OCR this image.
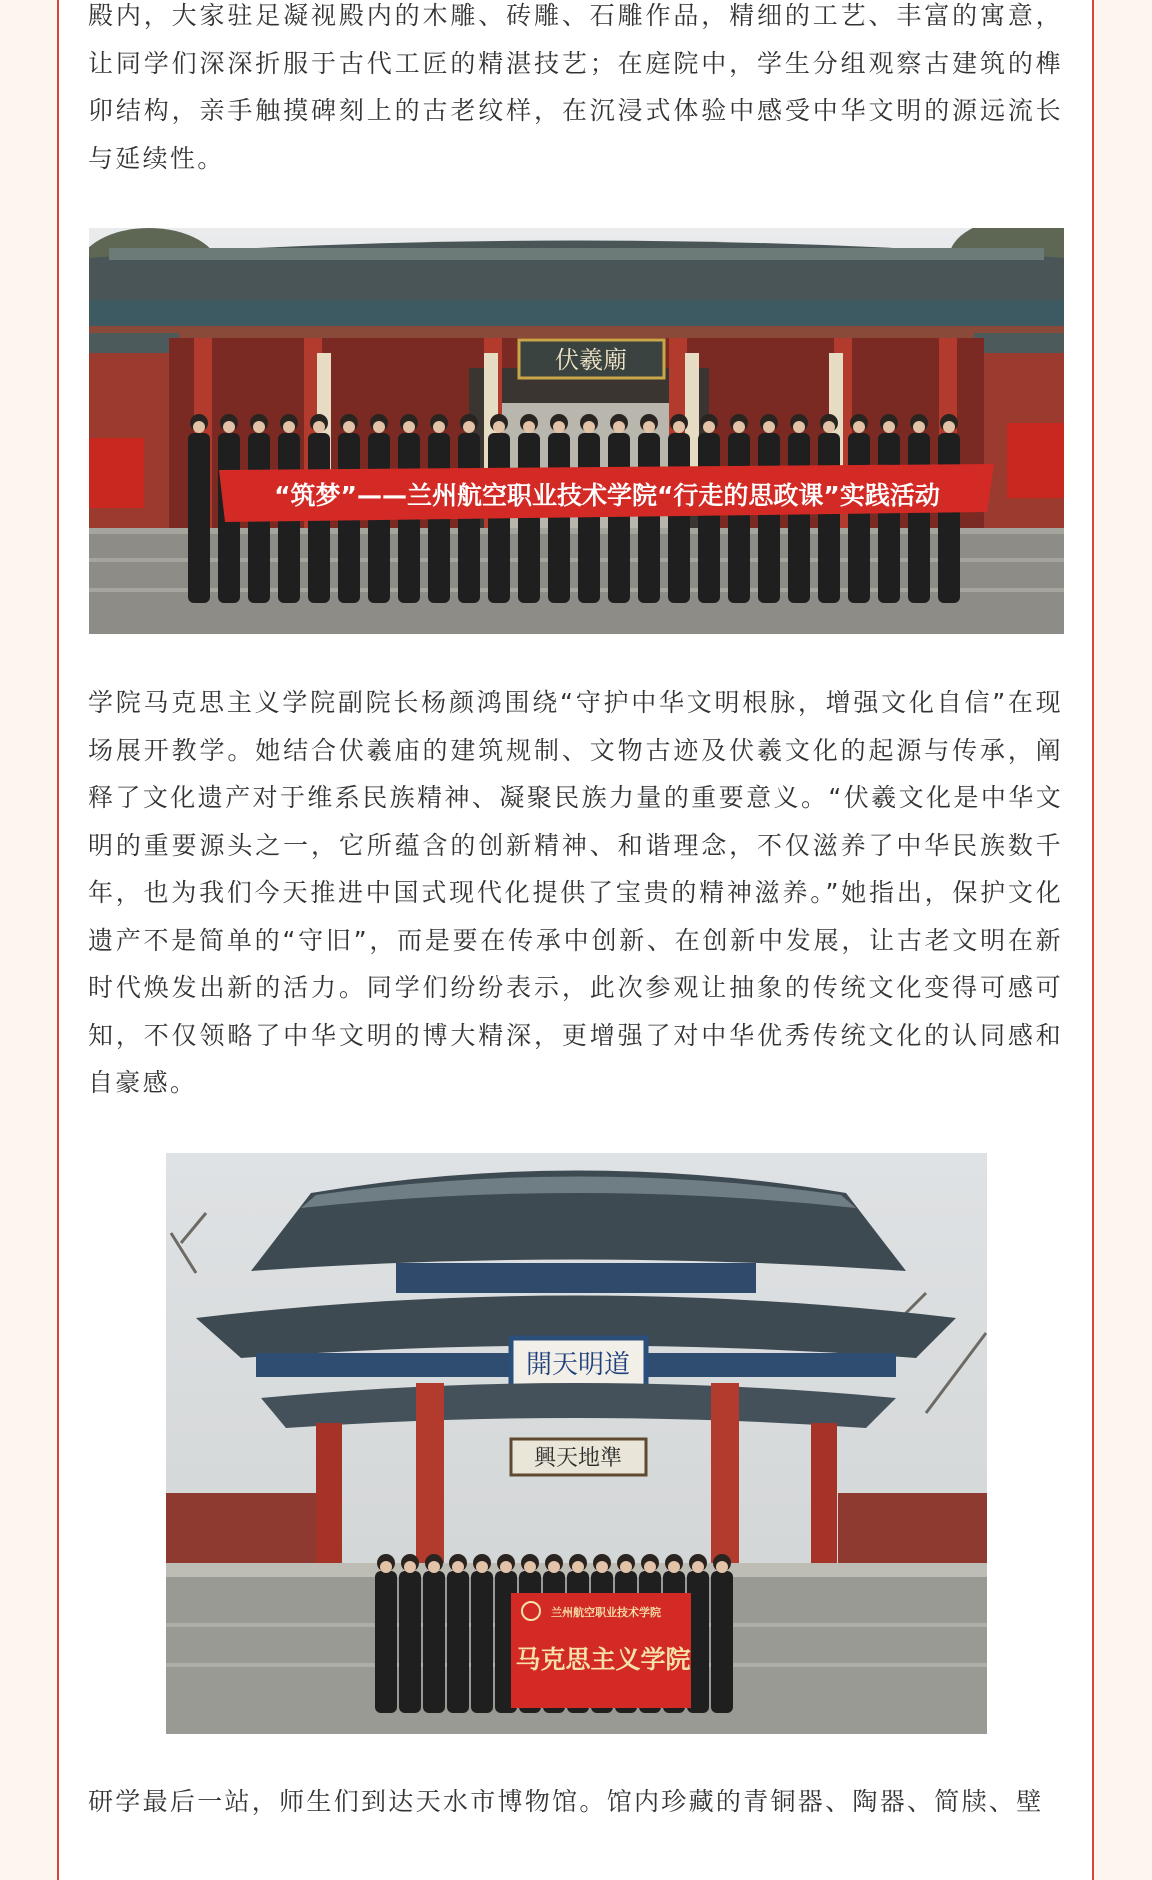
殿内，大家驻足凝视殿内的木雕、砖雕、石雕作品，精细的工艺、丰富的寓意，让同学们深深折服于古代工匠的精湛技艺；在庭院中，学生分组观察古建筑的榫卯结构，亲手触摸碑刻上的古老纹样，在沉浸式体验中感受中华文明的源远流长与延续性。

伏羲廟
“筑梦”——兰州航空职业技术学院“行走的思政课”实践活动

学院马克思主义学院副院长杨颜鸿围绕“守护中华文明根脉，增强文化自信”在现场展开教学。她结合伏羲庙的建筑规制、文物古迹及伏羲文化的起源与传承，阐释了文化遗产对于维系民族精神、凝聚民族力量的重要意义。“伏羲文化是中华文明的重要源头之一，它所蕴含的创新精神、和谐理念，不仅滋养了中华民族数千年，也为我们今天推进中国式现代化提供了宝贵的精神滋养。”她指出，保护文化遗产不是简单的“守旧”，而是要在传承中创新、在创新中发展，让古老文明在新时代焕发出新的活力。同学们纷纷表示，此次参观让抽象的传统文化变得可感可知，不仅领略了中华文明的博大精深，更增强了对中华优秀传统文化的认同感和自豪感。

開天明道
興天地準
兰州航空职业技术学院
马克思主义学院

研学最后一站，师生们到达天水市博物馆。馆内珍藏的青铜器、陶器、简牍、壁
